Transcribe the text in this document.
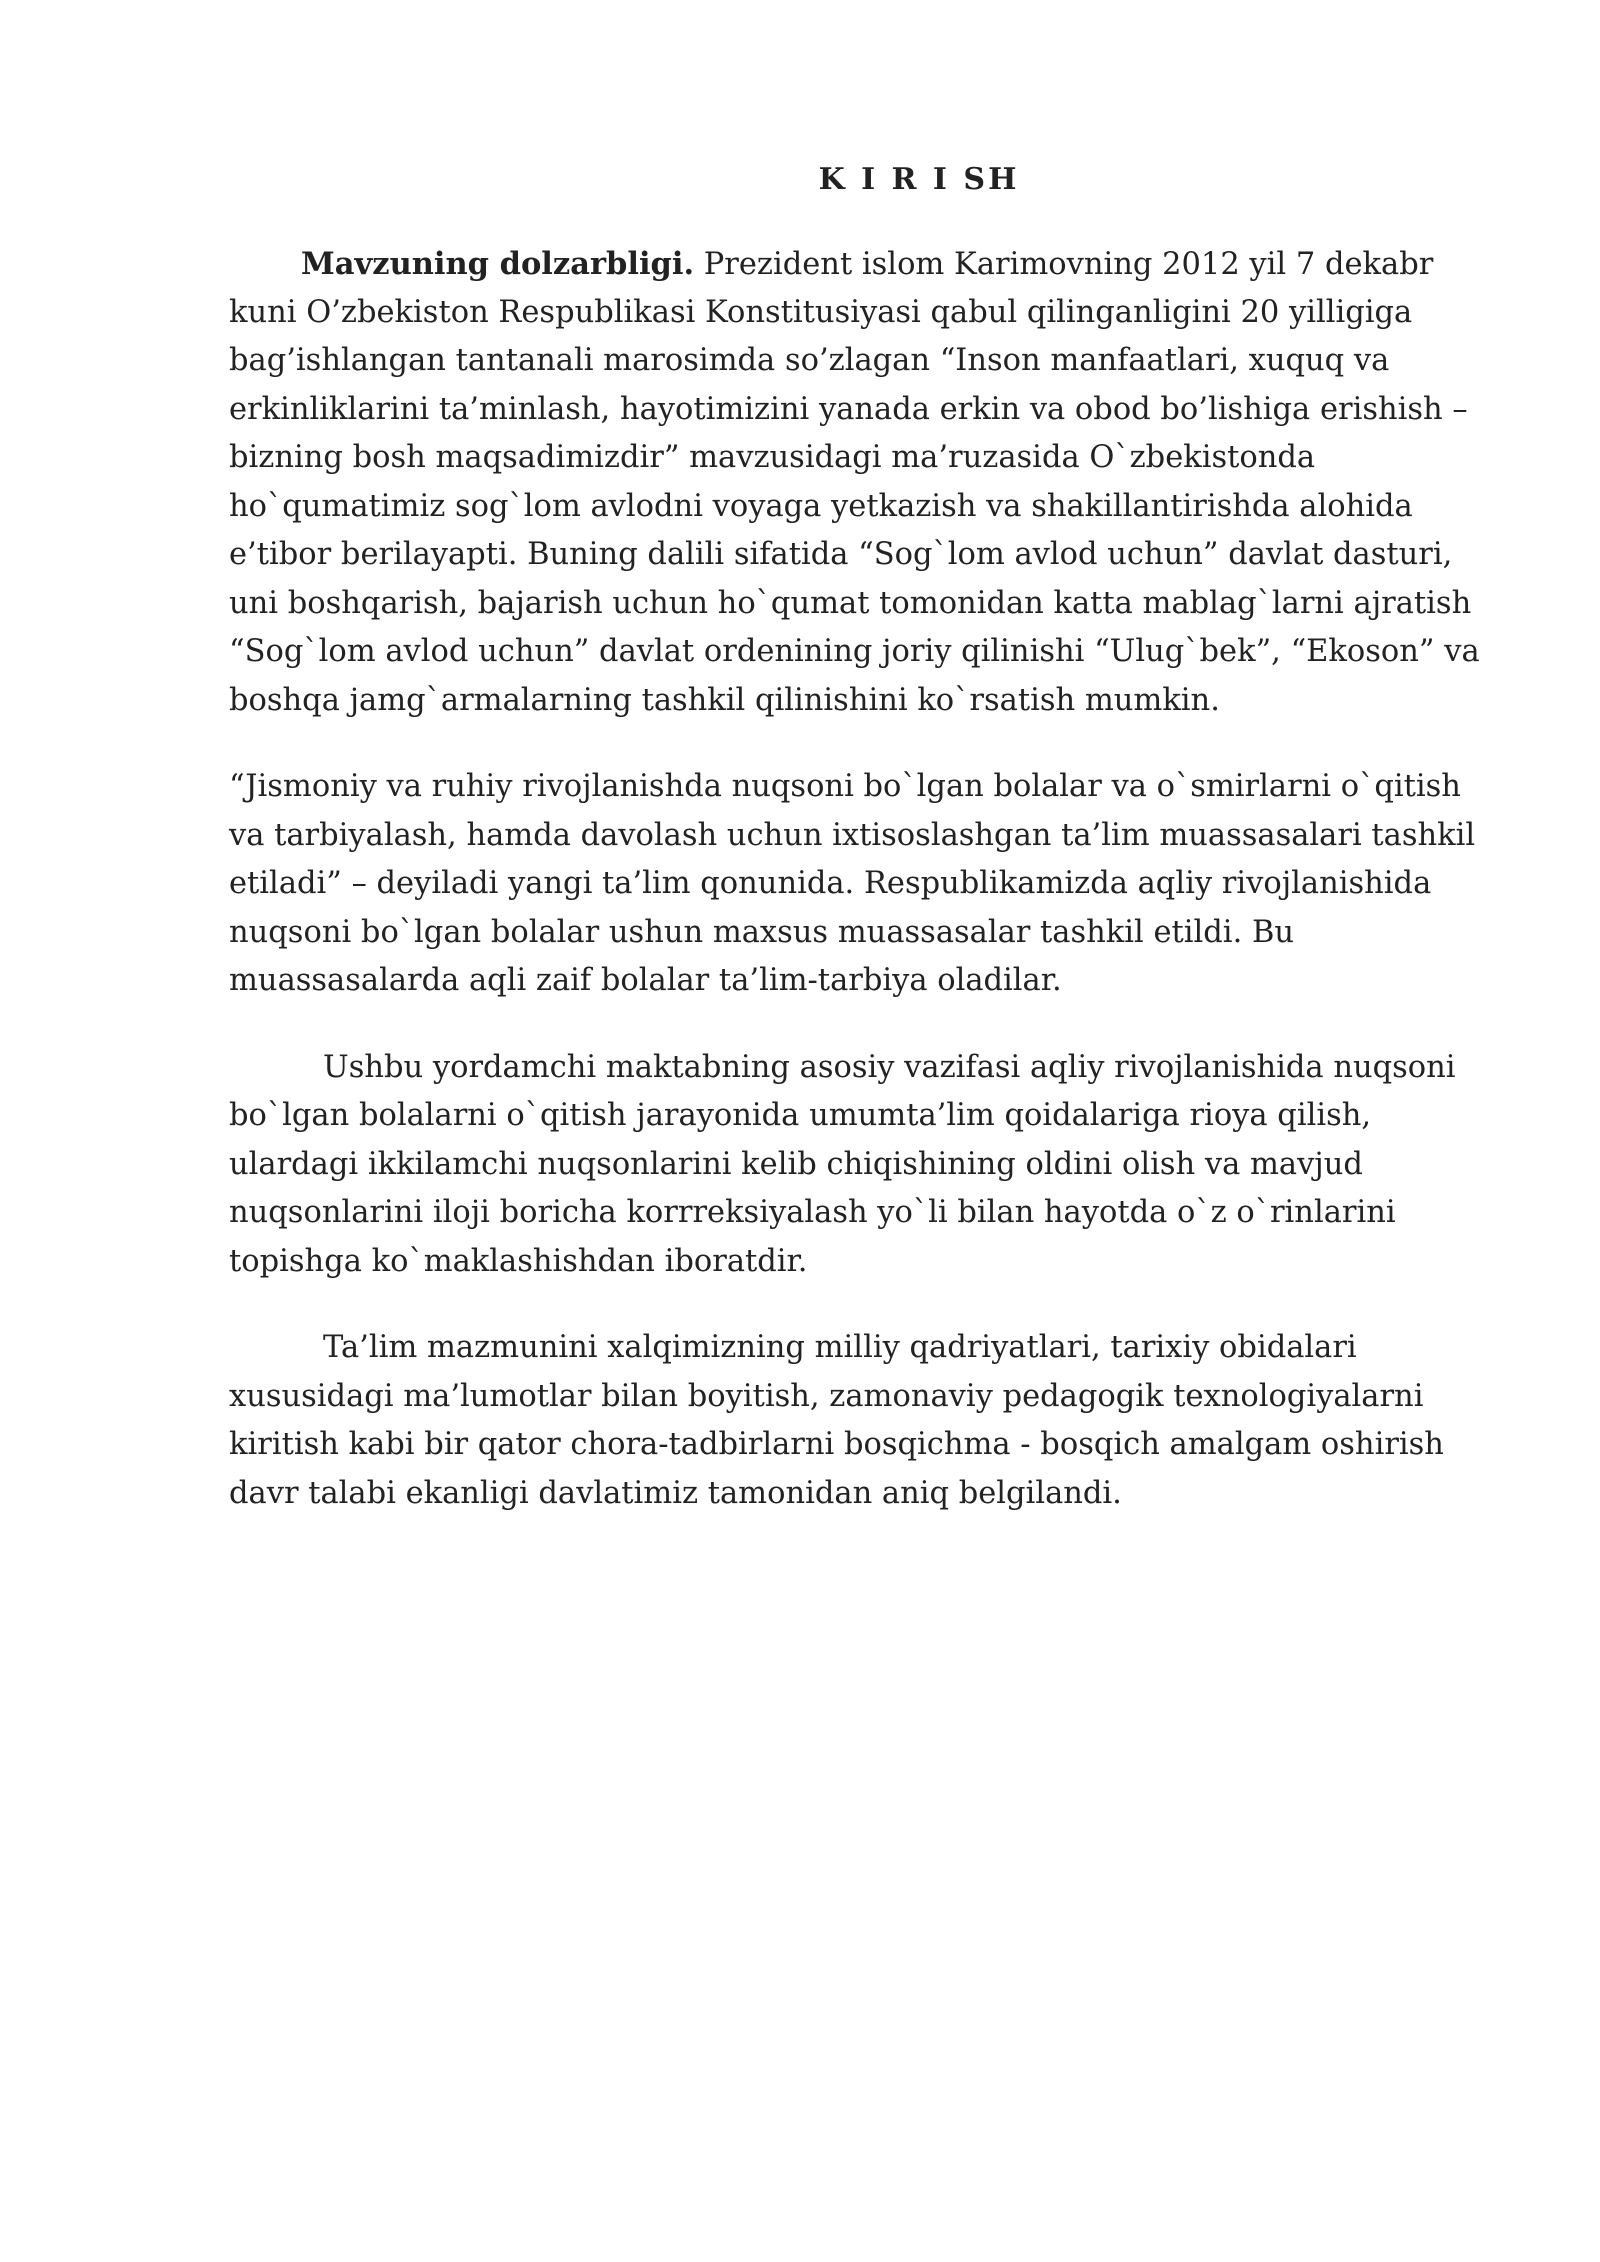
K I R I SH
Mavzuning dolzarbligi. Prezident islom Karimovning 2012 yil 7 dekabr
kuni O’zbekiston Respublikasi Konstitusiyasi qabul qilinganligini 20 yilligiga
bag’ishlangan tantanali marosimda so’zlagan “Inson manfaatlari, xuquq va
erkinliklarini ta’minlash, hayotimizini yanada erkin va obod bo’lishiga erishish –
bizning bosh maqsadimizdir” mavzusidagi ma’ruzasida O`zbekistonda
ho`qumatimiz sog`lom avlodni voyaga yetkazish va shakillantirishda alohida
e’tibor berilayapti. Buning dalili sifatida “Sog`lom avlod uchun” davlat dasturi,
uni boshqarish, bajarish uchun ho`qumat tomonidan katta mablag`larni ajratish
“Sog`lom avlod uchun” davlat ordenining joriy qilinishi “Ulug`bek”, “Ekoson” va
boshqa jamg`armalarning tashkil qilinishini ko`rsatish mumkin.
“Jismoniy va ruhiy rivojlanishda nuqsoni bo`lgan bolalar va o`smirlarni o`qitish
va tarbiyalash, hamda davolash uchun ixtisoslashgan ta’lim muassasalari tashkil
etiladi” – deyiladi yangi ta’lim qonunida. Respublikamizda aqliy rivojlanishida
nuqsoni bo`lgan bolalar ushun maxsus muassasalar tashkil etildi. Bu
muassasalarda aqli zaif bolalar ta’lim-tarbiya oladilar.
Ushbu yordamchi maktabning asosiy vazifasi aqliy rivojlanishida nuqsoni
bo`lgan bolalarni o`qitish jarayonida umumta’lim qoidalariga rioya qilish,
ulardagi ikkilamchi nuqsonlarini kelib chiqishining oldini olish va mavjud
nuqsonlarini iloji boricha korrreksiyalash yo`li bilan hayotda o`z o`rinlarini
topishga ko`maklashishdan iboratdir.
Ta’lim mazmunini xalqimizning milliy qadriyatlari, tarixiy obidalari
xususidagi ma’lumotlar bilan boyitish, zamonaviy pedagogik texnologiyalarni
kiritish kabi bir qator chora-tadbirlarni bosqichma - bosqich amalgam oshirish
davr talabi ekanligi davlatimiz tamonidan aniq belgilandi.
